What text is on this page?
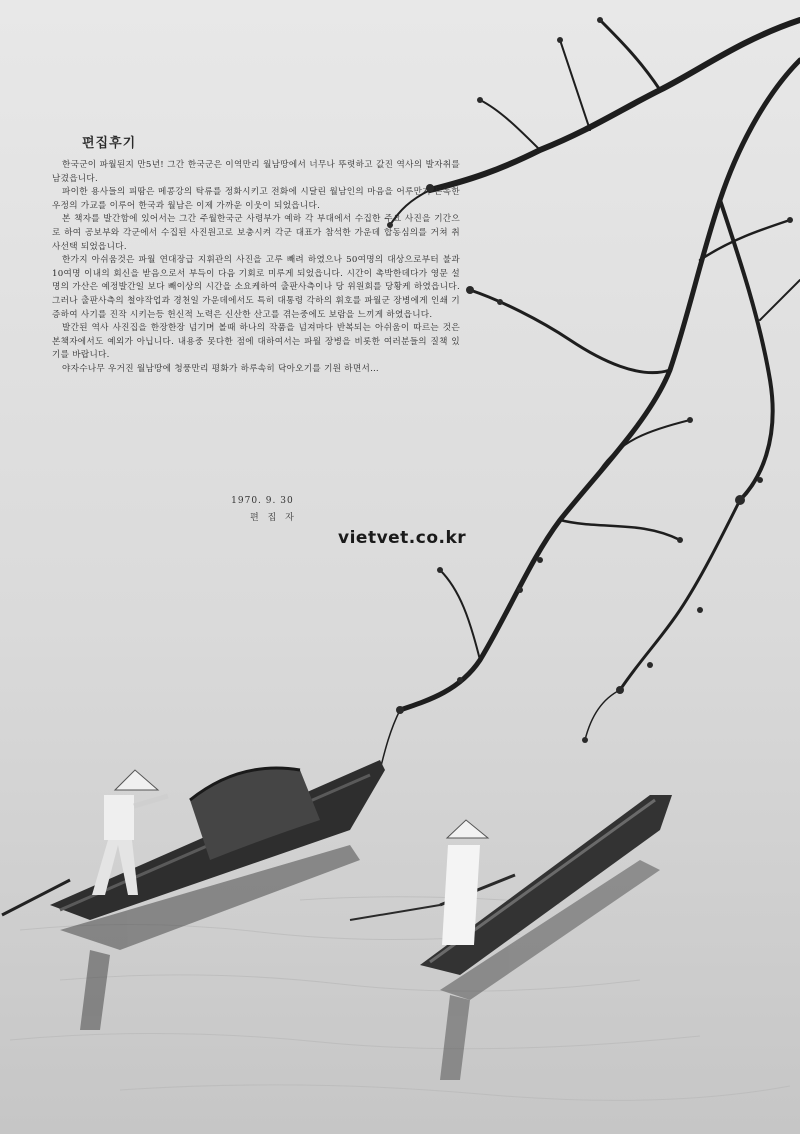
편집후기

한국군이 파월된지 만5년! 그간 한국군은 이역만리 월남땅에서 너무나 뚜렷하고 값진 역사의 발자취를 남겼읍니다.

파이한 용사들의 피땀은 메콩강의 탁류를 정화시키고 전화에 시달린 월남인의 마음을 어루만져 돈독한 우정의 가교를 이루어 한국과 월남은 이제 가까운 이웃이 되었읍니다.

본 책자를 발간함에 있어서는 그간 주월한국군 사령부가 예하 각 부대에서 수집한 주요 사진을 기간으로 하여 공보부와 각군에서 수집된 사진원고로 보충시켜 각군 대표가 참석한 가운데 합동심의를 거쳐 취사선택 되었읍니다.

한가지 아쉬움것은 파월 연대장급 지휘관의 사진을 고루 빼려 하였으나 50여명의 대상으로부터 불과 10여명 이내의 회신을 받음으로서 부득이 다음 기회로 미루게 되었읍니다. 시간이 촉박한데다가 영문 설명의 가산은 예정발간일 보다 빼이상의 시간을 소요케하여 출판사측이나 당 위원회를 당황케 하였읍니다. 그러나 출판사측의 철야작업과 경천일 가운데에서도 특히 대통령 각하의 휘호를 파월군 장병에게 인쇄 기증하여 사기를 진작 시키는등 헌신적 노력은 신산한 산고를 겪는중에도 보람을 느끼게 하였읍니다.

발간된 역사 사진집을 한장한장 넘기며 볼때 하나의 작품을 넘져마다 반복되는 아쉬움이 따르는 것은 본책자에서도 예외가 아닙니다. 내용중 못다한 점에 대하여서는 파월 장병을 비롯한 여러분들의 질책 있기를 바랍니다.

야자수나무 우거진 월남땅에 청풍만리 평화가 하루속히 닥아오기를 기원 하면서…

1970. 9. 30
편 집 자
vietvet.co.kr
